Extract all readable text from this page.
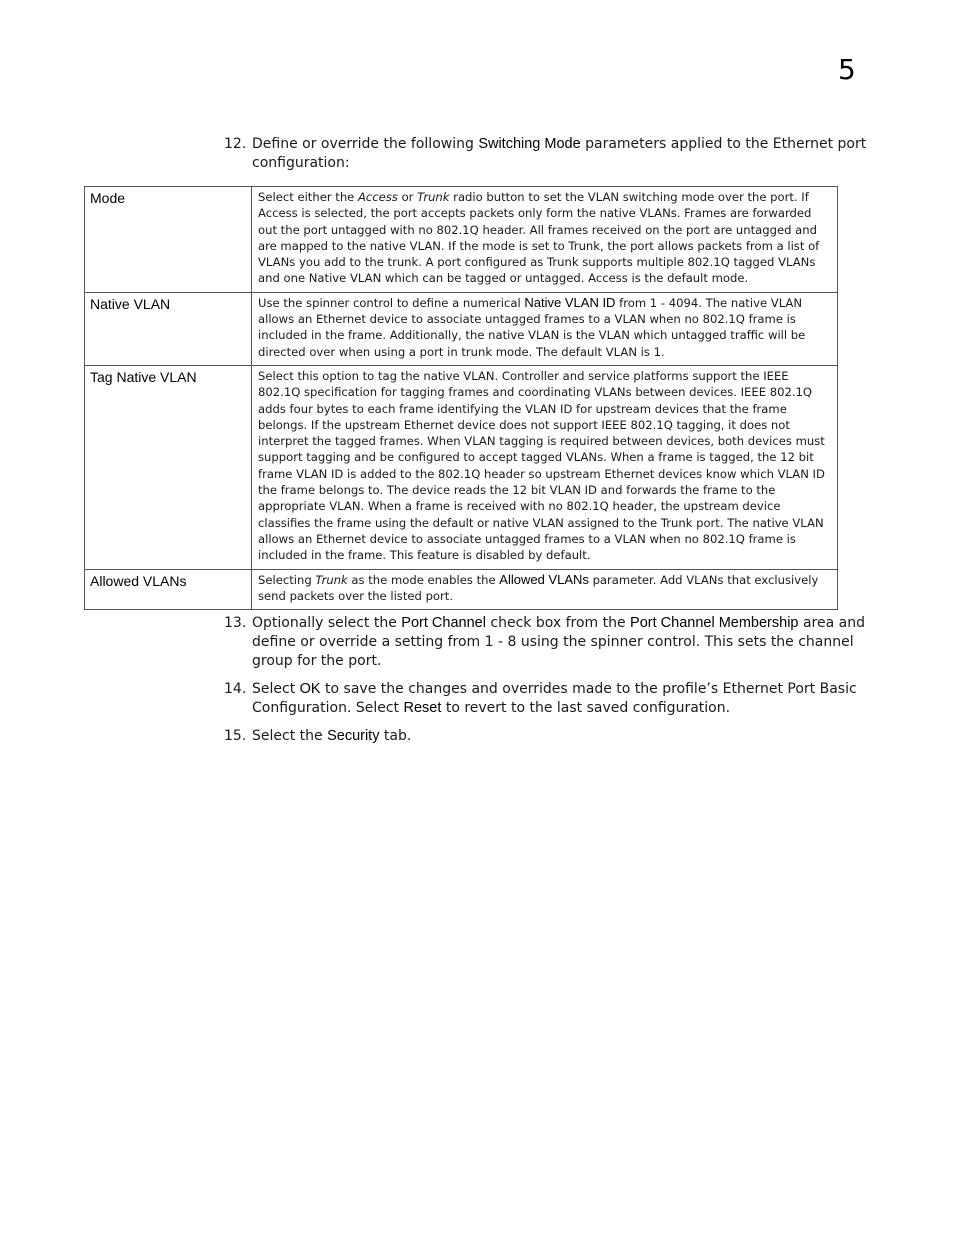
5
12. Define or override the following Switching Mode parameters applied to the Ethernet port configuration:
Mode	Select either the Access or Trunk radio button to set the VLAN switching mode over the port. If Access is selected, the port accepts packets only form the native VLANs. Frames are forwarded out the port untagged with no 802.1Q header. All frames received on the port are untagged and are mapped to the native VLAN. If the mode is set to Trunk, the port allows packets from a list of VLANs you add to the trunk. A port configured as Trunk supports multiple 802.1Q tagged VLANs and one Native VLAN which can be tagged or untagged. Access is the default mode.
Native VLAN	Use the spinner control to define a numerical Native VLAN ID from 1 - 4094. The native VLAN allows an Ethernet device to associate untagged frames to a VLAN when no 802.1Q frame is included in the frame. Additionally, the native VLAN is the VLAN which untagged traffic will be directed over when using a port in trunk mode. The default VLAN is 1.
Tag Native VLAN	Select this option to tag the native VLAN. Controller and service platforms support the IEEE 802.1Q specification for tagging frames and coordinating VLANs between devices. IEEE 802.1Q adds four bytes to each frame identifying the VLAN ID for upstream devices that the frame belongs. If the upstream Ethernet device does not support IEEE 802.1Q tagging, it does not interpret the tagged frames. When VLAN tagging is required between devices, both devices must support tagging and be configured to accept tagged VLANs. When a frame is tagged, the 12 bit frame VLAN ID is added to the 802.1Q header so upstream Ethernet devices know which VLAN ID the frame belongs to. The device reads the 12 bit VLAN ID and forwards the frame to the appropriate VLAN. When a frame is received with no 802.1Q header, the upstream device classifies the frame using the default or native VLAN assigned to the Trunk port. The native VLAN allows an Ethernet device to associate untagged frames to a VLAN when no 802.1Q frame is included in the frame. This feature is disabled by default.
Allowed VLANs	Selecting Trunk as the mode enables the Allowed VLANs parameter. Add VLANs that exclusively send packets over the listed port.
13. Optionally select the Port Channel check box from the Port Channel Membership area and define or override a setting from 1 - 8 using the spinner control. This sets the channel group for the port.
14. Select OK to save the changes and overrides made to the profile’s Ethernet Port Basic Configuration. Select Reset to revert to the last saved configuration.
15. Select the Security tab.
